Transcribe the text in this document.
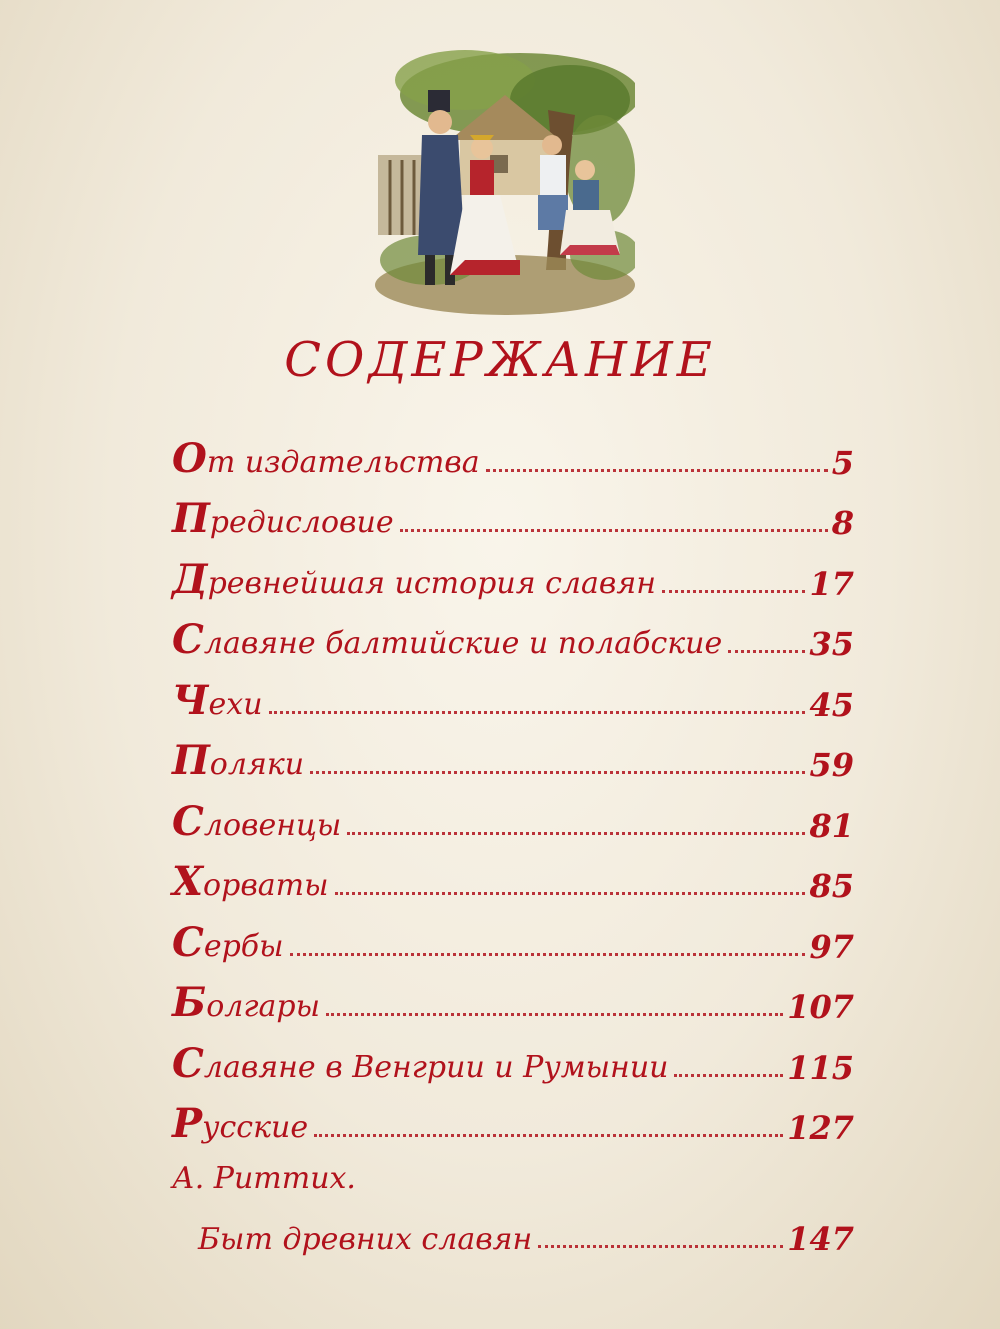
СОДЕРЖАНИЕ
От издательства	5
Предисловие	8
Древнейшая история славян	17
Славяне балтийские и полабские	35
Чехи	45
Поляки	59
Словенцы	81
Хорваты	85
Сербы	97
Болгары	107
Славяне в Венгрии и Румынии	115
Русские	127
А. Риттих.
Быт древних славян	147
